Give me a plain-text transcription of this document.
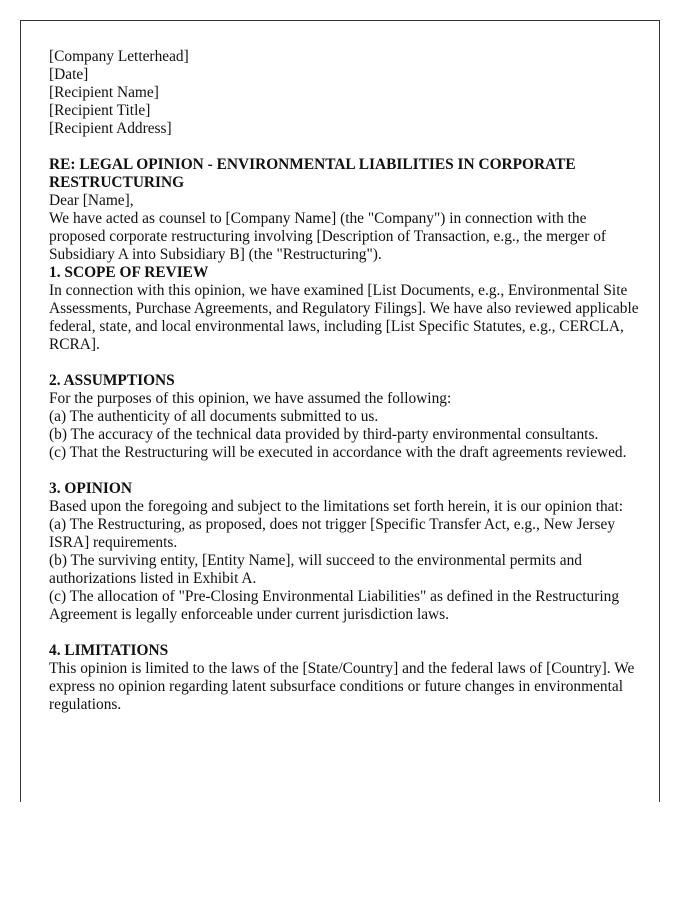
[Company Letterhead]

[Date]
[Recipient Name]
[Recipient Title]
[Recipient Address]

RE: LEGAL OPINION - ENVIRONMENTAL LIABILITIES IN CORPORATE RESTRUCTURING

Dear [Name],

We have acted as counsel to [Company Name] (the "Company") in connection with the proposed corporate restructuring involving [Description of Transaction, e.g., the merger of Subsidiary A into Subsidiary B] (the "Restructuring").

1. SCOPE OF REVIEW
In connection with this opinion, we have examined [List Documents, e.g., Environmental Site Assessments, Purchase Agreements, and Regulatory Filings]. We have also reviewed applicable federal, state, and local environmental laws, including [List Specific Statutes, e.g., CERCLA, RCRA].
2. ASSUMPTIONS
For the purposes of this opinion, we have assumed the following:
(a) The authenticity of all documents submitted to us.
(b) The accuracy of the technical data provided by third-party environmental consultants.
(c) That the Restructuring will be executed in accordance with the draft agreements reviewed.
3. OPINION
Based upon the foregoing and subject to the limitations set forth herein, it is our opinion that:
(a) The Restructuring, as proposed, does not trigger [Specific Transfer Act, e.g., New Jersey ISRA] requirements.
(b) The surviving entity, [Entity Name], will succeed to the environmental permits and authorizations listed in Exhibit A.
(c) The allocation of "Pre-Closing Environmental Liabilities" as defined in the Restructuring Agreement is legally enforceable under current jurisdiction laws.
4. LIMITATIONS
This opinion is limited to the laws of the [State/Country] and the federal laws of [Country]. We express no opinion regarding latent subsurface conditions or future changes in environmental regulations.
